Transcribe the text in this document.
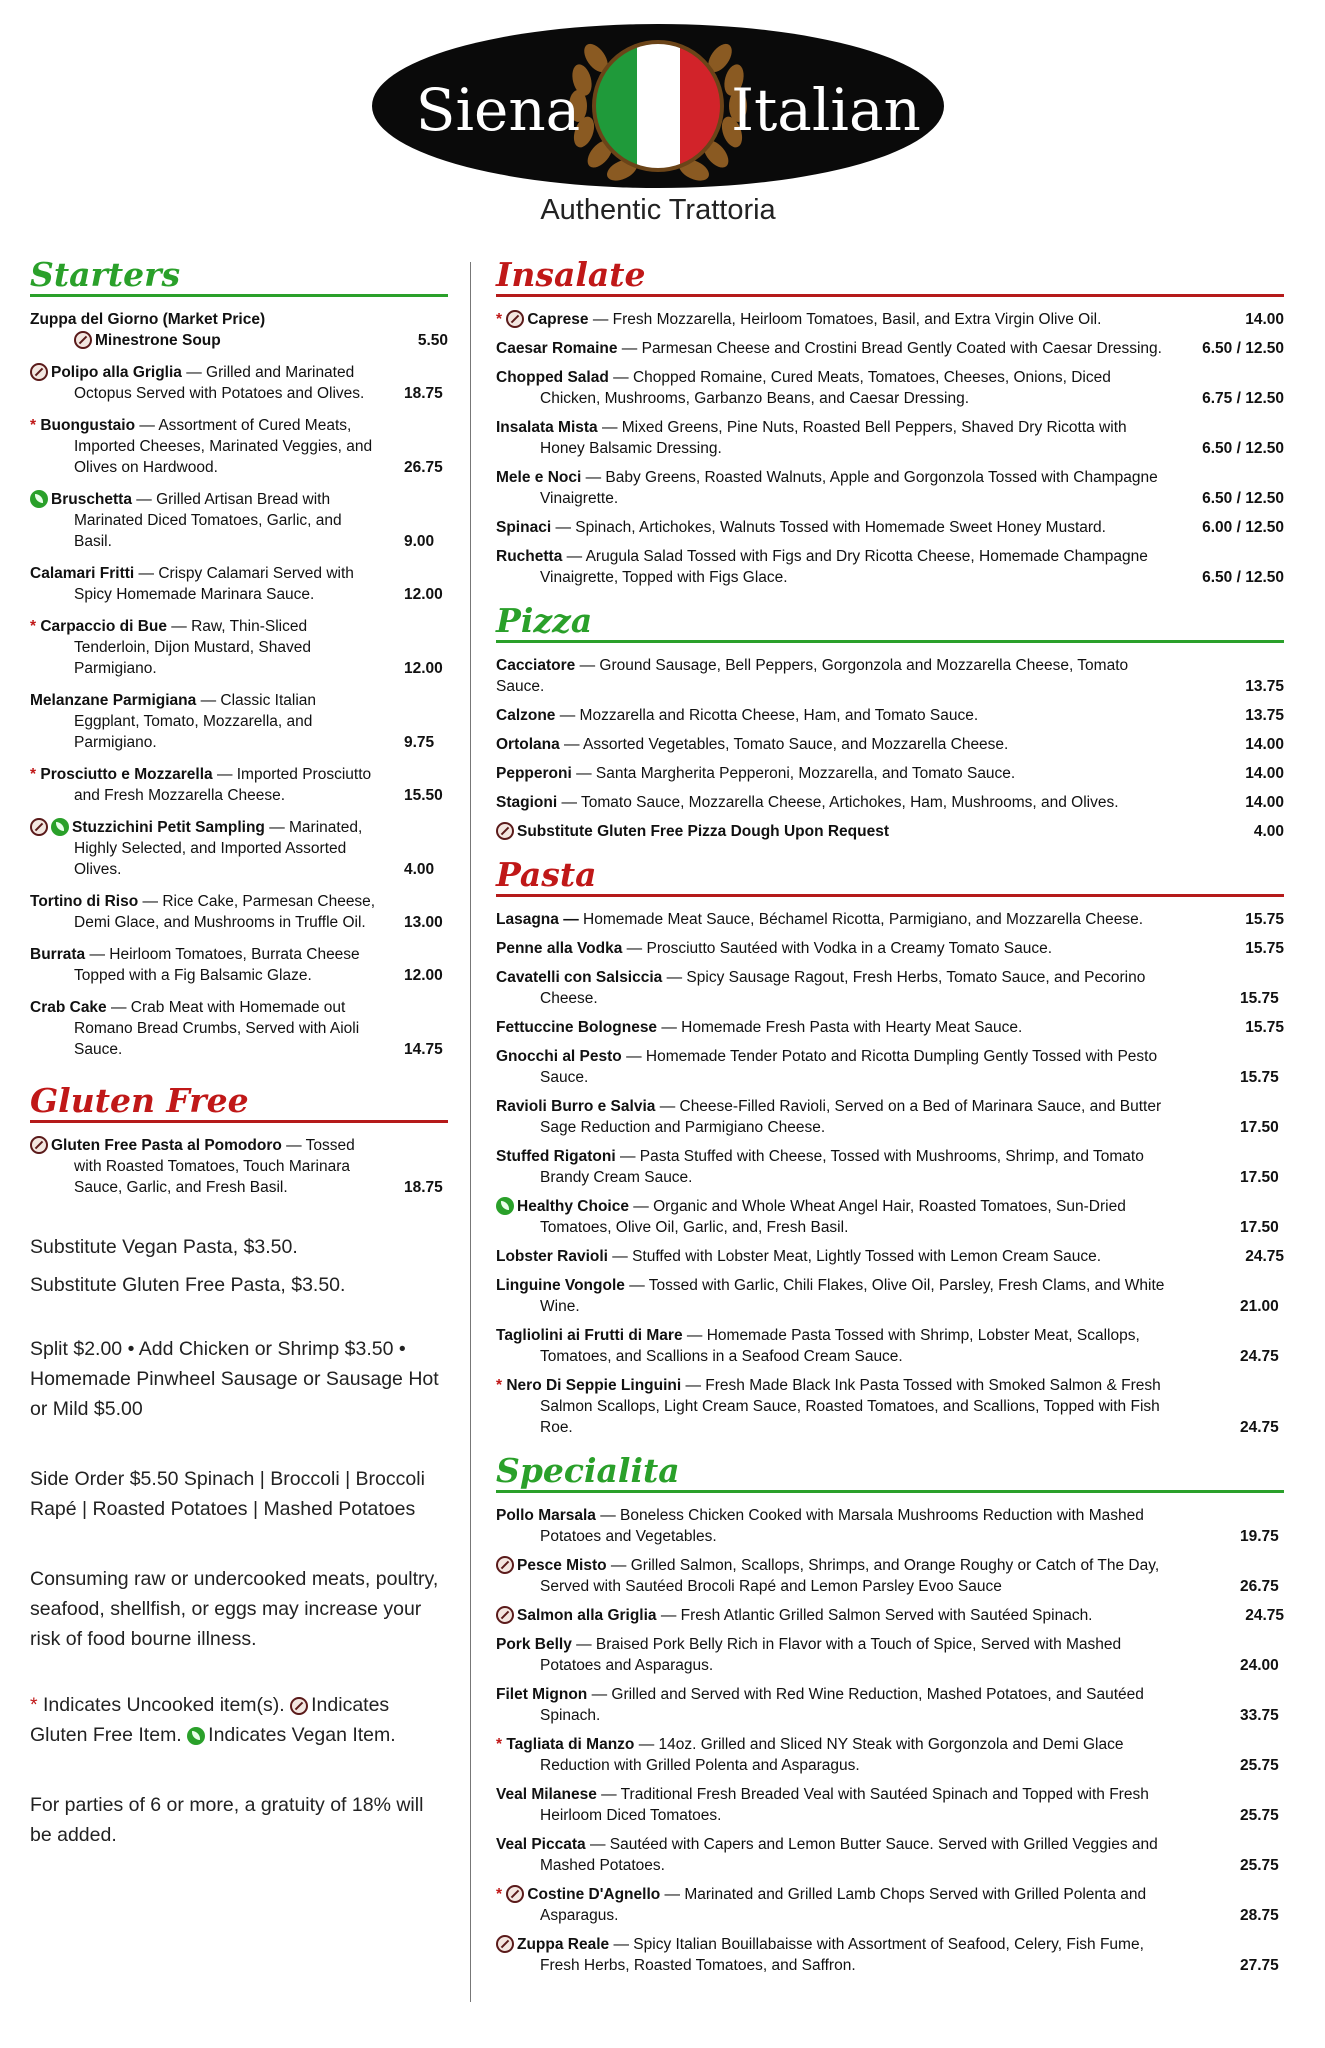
Siena	Italian
Authentic Trattoria
Starters
Zuppa del Giorno (Market Price)
Minestrone Soup	5.50
Polipo alla Griglia — Grilled and Marinated Octopus Served with Potatoes and Olives.	18.75
* Buongustaio — Assortment of Cured Meats, Imported Cheeses, Marinated Veggies, and Olives on Hardwood.	26.75
Bruschetta — Grilled Artisan Bread with Marinated Diced Tomatoes, Garlic, and Basil.	9.00
Calamari Fritti — Crispy Calamari Served with Spicy Homemade Marinara Sauce.	12.00
* Carpaccio di Bue — Raw, Thin-Sliced Tenderloin, Dijon Mustard, Shaved Parmigiano.	12.00
Melanzane Parmigiana — Classic Italian Eggplant, Tomato, Mozzarella, and Parmigiano.	9.75
* Prosciutto e Mozzarella — Imported Prosciutto and Fresh Mozzarella Cheese.	15.50
Stuzzichini Petit Sampling — Marinated, Highly Selected, and Imported Assorted Olives.	4.00
Tortino di Riso — Rice Cake, Parmesan Cheese, Demi Glace, and Mushrooms in Truffle Oil. 13.00
Burrata — Heirloom Tomatoes, Burrata Cheese Topped with a Fig Balsamic Glaze.	12.00
Crab Cake — Crab Meat with Homemade out Romano Bread Crumbs, Served with Aioli Sauce.	14.75
Gluten Free
Gluten Free Pasta al Pomodoro — Tossed with Roasted Tomatoes, Touch Marinara Sauce, Garlic, and Fresh Basil.	18.75
Substitute Vegan Pasta, $3.50.
Substitute Gluten Free Pasta, $3.50.
Split $2.00 • Add Chicken or Shrimp $3.50 • Homemade Pinwheel Sausage or Sausage Hot or Mild $5.00
Side Order $5.50 Spinach | Broccoli | Broccoli Rapé | Roasted Potatoes | Mashed Potatoes
Consuming raw or undercooked meats, poultry, seafood, shellfish, or eggs may increase your risk of food bourne illness.
* Indicates Uncooked item(s). Indicates Gluten Free Item. Indicates Vegan Item.
For parties of 6 or more, a gratuity of 18% will be added.
Insalate
* Caprese — Fresh Mozzarella, Heirloom Tomatoes, Basil, and Extra Virgin Olive Oil.	14.00
Caesar Romaine — Parmesan Cheese and Crostini Bread Gently Coated with Caesar Dressing.	6.50 / 12.50
Chopped Salad — Chopped Romaine, Cured Meats, Tomatoes, Cheeses, Onions, Diced Chicken, Mushrooms, Garbanzo Beans, and Caesar Dressing.	6.75 / 12.50
Insalata Mista — Mixed Greens, Pine Nuts, Roasted Bell Peppers, Shaved Dry Ricotta with Honey Balsamic Dressing.	6.50 / 12.50
Mele e Noci — Baby Greens, Roasted Walnuts, Apple and Gorgonzola Tossed with Champagne Vinaigrette.	6.50 / 12.50
Spinaci — Spinach, Artichokes, Walnuts Tossed with Homemade Sweet Honey Mustard.	6.00 / 12.50
Ruchetta — Arugula Salad Tossed with Figs and Dry Ricotta Cheese, Homemade Champagne Vinaigrette, Topped with Figs Glace.	6.50 / 12.50
Pizza
Cacciatore — Ground Sausage, Bell Peppers, Gorgonzola and Mozzarella Cheese, Tomato Sauce.	13.75
Calzone — Mozzarella and Ricotta Cheese, Ham, and Tomato Sauce.	13.75
Ortolana — Assorted Vegetables, Tomato Sauce, and Mozzarella Cheese.	14.00
Pepperoni — Santa Margherita Pepperoni, Mozzarella, and Tomato Sauce.	14.00
Stagioni — Tomato Sauce, Mozzarella Cheese, Artichokes, Ham, Mushrooms, and Olives.	14.00
Substitute Gluten Free Pizza Dough Upon Request	4.00
Pasta
Lasagna — Homemade Meat Sauce, Béchamel Ricotta, Parmigiano, and Mozzarella Cheese.	15.75
Penne alla Vodka — Prosciutto Sautéed with Vodka in a Creamy Tomato Sauce.	15.75
Cavatelli con Salsiccia — Spicy Sausage Ragout, Fresh Herbs, Tomato Sauce, and Pecorino Cheese.	15.75
Fettuccine Bolognese — Homemade Fresh Pasta with Hearty Meat Sauce.	15.75
Gnocchi al Pesto — Homemade Tender Potato and Ricotta Dumpling Gently Tossed with Pesto Sauce.	15.75
Ravioli Burro e Salvia — Cheese-Filled Ravioli, Served on a Bed of Marinara Sauce, and Butter Sage Reduction and Parmigiano Cheese.	17.50
Stuffed Rigatoni — Pasta Stuffed with Cheese, Tossed with Mushrooms, Shrimp, and Tomato Brandy Cream Sauce.	17.50
Healthy Choice — Organic and Whole Wheat Angel Hair, Roasted Tomatoes, Sun-Dried Tomatoes, Olive Oil, Garlic, and, Fresh Basil.	17.50
Lobster Ravioli — Stuffed with Lobster Meat, Lightly Tossed with Lemon Cream Sauce.	24.75
Linguine Vongole — Tossed with Garlic, Chili Flakes, Olive Oil, Parsley, Fresh Clams, and White Wine.	21.00
Tagliolini ai Frutti di Mare — Homemade Pasta Tossed with Shrimp, Lobster Meat, Scallops, Tomatoes, and Scallions in a Seafood Cream Sauce.	24.75
* Nero Di Seppie Linguini — Fresh Made Black Ink Pasta Tossed with Smoked Salmon & Fresh Salmon Scallops, Light Cream Sauce, Roasted Tomatoes, and Scallions, Topped with Fish Roe.	24.75
Specialita
Pollo Marsala — Boneless Chicken Cooked with Marsala Mushrooms Reduction with Mashed Potatoes and Vegetables.	19.75
Pesce Misto — Grilled Salmon, Scallops, Shrimps, and Orange Roughy or Catch of The Day, Served with Sautéed Brocoli Rapé and Lemon Parsley Evoo Sauce	26.75
Salmon alla Griglia — Fresh Atlantic Grilled Salmon Served with Sautéed Spinach.	24.75
Pork Belly — Braised Pork Belly Rich in Flavor with a Touch of Spice, Served with Mashed Potatoes and Asparagus.	24.00
Filet Mignon — Grilled and Served with Red Wine Reduction, Mashed Potatoes, and Sautéed Spinach.	33.75
* Tagliata di Manzo — 14oz. Grilled and Sliced NY Steak with Gorgonzola and Demi Glace Reduction with Grilled Polenta and Asparagus.	25.75
Veal Milanese — Traditional Fresh Breaded Veal with Sautéed Spinach and Topped with Fresh Heirloom Diced Tomatoes.	25.75
Veal Piccata — Sautéed with Capers and Lemon Butter Sauce. Served with Grilled Veggies and Mashed Potatoes.	25.75
* Costine D'Agnello — Marinated and Grilled Lamb Chops Served with Grilled Polenta and Asparagus.	28.75
Zuppa Reale — Spicy Italian Bouillabaisse with Assortment of Seafood, Celery, Fish Fume, Fresh Herbs, Roasted Tomatoes, and Saffron.	27.75
